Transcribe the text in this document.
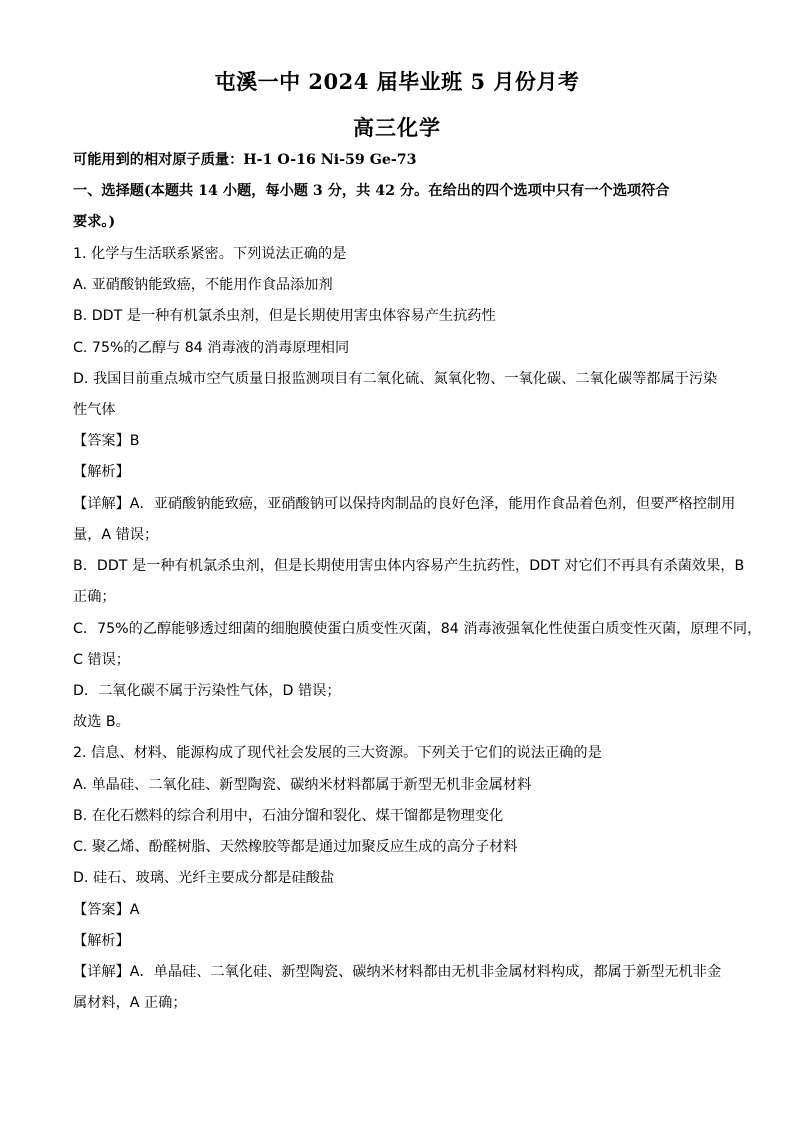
屯溪一中 2024 届毕业班 5 月份月考
高三化学
可能用到的相对原子质量：H-1 O-16 Ni-59 Ge-73
一、选择题(本题共 14 小题，每小题 3 分，共 42 分。在给出的四个选项中只有一个选项符合
要求。)
1. 化学与生活联系紧密。下列说法正确的是
A. 亚硝酸钠能致癌，不能用作食品添加剂
B. DDT 是一种有机氯杀虫剂，但是长期使用害虫体容易产生抗药性
C. 75%的乙醇与 84 消毒液的消毒原理相同
D. 我国目前重点城市空气质量日报监测项目有二氧化硫、氮氧化物、一氧化碳、二氧化碳等都属于污染
性气体
【答案】B
【解析】
【详解】A．亚硝酸钠能致癌，亚硝酸钠可以保持肉制品的良好色泽，能用作食品着色剂，但要严格控制用
量，A 错误；
B．DDT 是一种有机氯杀虫剂，但是长期使用害虫体内容易产生抗药性，DDT 对它们不再具有杀菌效果，B
正确；
C．75%的乙醇能够透过细菌的细胞膜使蛋白质变性灭菌，84 消毒液强氧化性使蛋白质变性灭菌，原理不同，
C 错误；
D．二氧化碳不属于污染性气体，D 错误；
故选 B。
2. 信息、材料、能源构成了现代社会发展的三大资源。下列关于它们的说法正确的是
A. 单晶硅、二氧化硅、新型陶瓷、碳纳米材料都属于新型无机非金属材料
B. 在化石燃料的综合利用中，石油分馏和裂化、煤干馏都是物理变化
C. 聚乙烯、酚醛树脂、天然橡胶等都是通过加聚反应生成的高分子材料
D. 硅石、玻璃、光纤主要成分都是硅酸盐
【答案】A
【解析】
【详解】A．单晶硅、二氧化硅、新型陶瓷、碳纳米材料都由无机非金属材料构成，都属于新型无机非金
属材料，A 正确；
